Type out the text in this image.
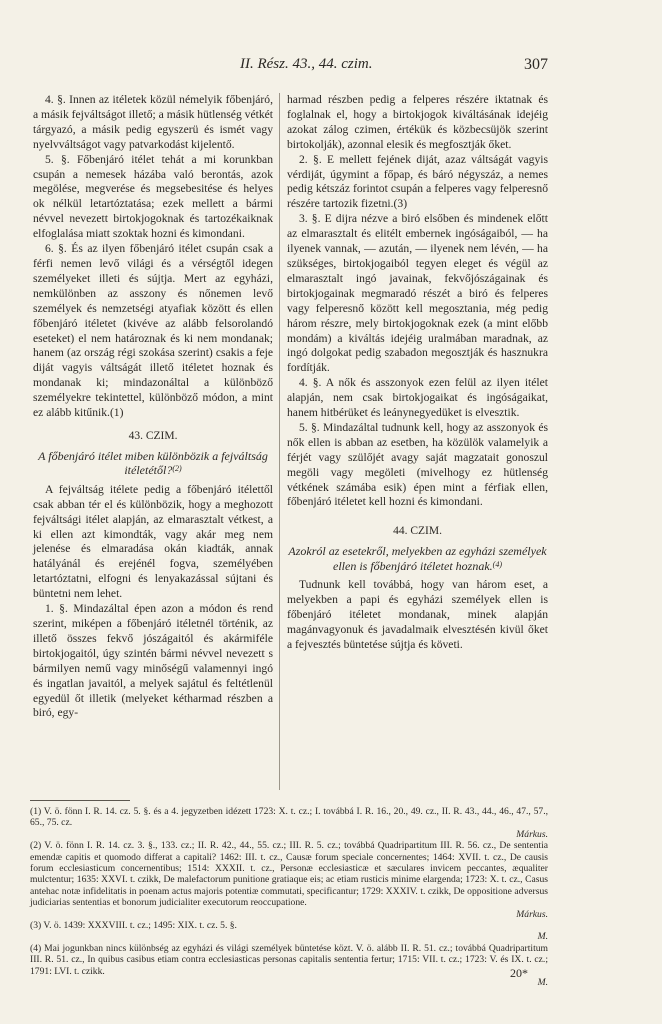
II. Rész. 43., 44. czim.	307

4. §. Innen az itéletek közül némelyik főbenjáró, a másik fejváltságot illető; a másik hütlenség vétkét tárgyazó, a másik pedig egyszerü és ismét vagy nyelvváltságot vagy patvarkodást kijelentő.

5. §. Főbenjáró itélet tehát a mi korunkban csupán a nemesek házába való berontás, azok megölése, megverése és megsebesitése és helyes ok nélkül letartóztatása; ezek mellett a bármi névvel nevezett birtokjogoknak és tartozékaiknak elfoglalása miatt szoktak hozni és kimondani.

6. §. És az ilyen főbenjáró itélet csupán csak a férfi nemen levő világi és a vérségtől idegen személyeket illeti és sújtja. Mert az egyházi, nemkülönben az asszony és nőnemen levő személyek és nemzetségi atyafiak között és ellen főbenjáró itéletet (kivéve az alább felsorolandó eseteket) el nem határoznak és ki nem mondanak; hanem (az ország régi szokása szerint) csakis a feje diját vagyis váltságát illető itéletet hoznak és mondanak ki; mindazonáltal a különböző személyekre tekintettel, különböző módon, a mint ez alább kitűnik.(1)

43. CZIM.

A főbenjáró itélet miben különbözik a fejváltság itéletétől?$^{(2)}$

A fejváltság itélete pedig a főbenjáró itélettől csak abban tér el és különbözik, hogy a meghozott fejváltsági itélet alapján, az elmarasztalt vétkest, a ki ellen azt kimondták, vagy akár meg nem jelenése és elmaradása okán kiadták, annak hatályánál és erejénél fogva, személyében letartóztatni, elfogni és lenyakazással sújtani és büntetni nem lehet.

1. §. Mindazáltal épen azon a módon és rend szerint, miképen a főbenjáró itéletnél történik, az illető összes fekvő jószágaitól és akármiféle birtokjogaitól, úgy szintén bármi névvel nevezett s bármilyen nemű vagy minőségű valamennyi ingó és ingatlan javaitól, a melyek sajátul és feltétlenül egyedül őt illetik (melyeket kétharmad részben a biró, egy-

harmad részben pedig a felperes részére iktatnak és foglalnak el, hogy a birtokjogok kiváltásának idejéig azokat zálog czimen, értékük és közbecsüjök szerint birtokolják), azonnal elesik és megfosztják őket.

2. §. E mellett fejének diját, azaz váltságát vagyis vérdiját, úgymint a főpap, és báró négyszáz, a nemes pedig kétszáz forintot csupán a felperes vagy felperesnő részére tartozik fizetni.(3)

3. §. E dijra nézve a biró elsőben és mindenek előtt az elmarasztalt és elitélt embernek ingóságaiból, — ha ilyenek vannak, — azután, — ilyenek nem lévén, — ha szükséges, birtokjogaiból tegyen eleget és végül az elmarasztalt ingó javainak, fekvőjószágainak és birtokjogainak megmaradó részét a biró és felperes vagy felperesnő között kell megosztania, még pedig három részre, mely birtokjogoknak ezek (a mint előbb mondám) a kiváltás idejéig uralmában maradnak, az ingó dolgokat pedig szabadon megosztják és hasznukra fordítják.

4. §. A nők és asszonyok ezen felül az ilyen itélet alapján, nem csak birtokjogaikat és ingóságaikat, hanem hitbérüket és leánynegyedüket is elvesztik.

5. §. Mindazáltal tudnunk kell, hogy az asszonyok és nők ellen is abban az esetben, ha közülök valamelyik a férjét vagy szülőjét avagy saját magzatait gonoszul megöli vagy megöleti (mivelhogy ez hütlenség vétkének számába esik) épen mint a férfiak ellen, főbenjáró itéletet kell hozni és kimondani.

44. CZIM.

Azokról az esetekről, melyekben az egyházi személyek ellen is főbenjáró itéletet hoznak.$^{(4)}$

Tudnunk kell továbbá, hogy van három eset, a melyekben a papi és egyházi személyek ellen is főbenjáró itéletet mondanak, minek alapján magánvagyonuk és javadalmaik elvesztésén kivül őket a fejvesztés büntetése sújtja és követi.

(1) V. ö. fönn I. R. 14. cz. 5. §. és a 4. jegyzetben idézett 1723: X. t. cz.; I. továbbá I. R. 16., 20., 49. cz., II. R. 43., 44., 46., 47., 57., 65., 75. cz.
Márkus.

(2) V. ö. fönn I. R. 14. cz. 3. §., 133. cz.; II. R. 42., 44., 55. cz.; III. R. 5. cz.; továbbá Quadripartitum III. R. 56. cz., De sententia emendæ capitis et quomodo differat a capitali? 1462: III. t. cz., Causæ forum speciale concernentes; 1464: XVII. t. cz., De causis forum ecclesiasticum concernentibus; 1514: XXXII. t. cz., Personæ ecclesiasticæ et sæculares invicem peccantes, æqualiter mulctentur; 1635: XXVI. t. czikk, De malefactorum punitione gratiaque eis; ac etiam rusticis minime elargenda; 1723: X. t. cz., Casus antehac notæ infidelitatis in poenam actus majoris potentiæ commutati, specificantur; 1729: XXXIV. t. czikk, De oppositione adversus judiciarias sententias et bonorum judicialiter executorum reoccupatione.
Márkus.

(3) V. ö. 1439: XXXVIII. t. cz.; 1495: XIX. t. cz. 5. §.
M.

(4) Mai jogunkban nincs különbség az egyházi és világi személyek büntetése közt. V. ö. alább II. R. 51. cz.; továbbá Quadripartitum III. R. 51. cz., In quibus casibus etiam contra ecclesiasticas personas capitalis sententia fertur; 1715: VII. t. cz.; 1723: V. és IX. t. cz.; 1791: LVI. t. czikk.
M.

20*
